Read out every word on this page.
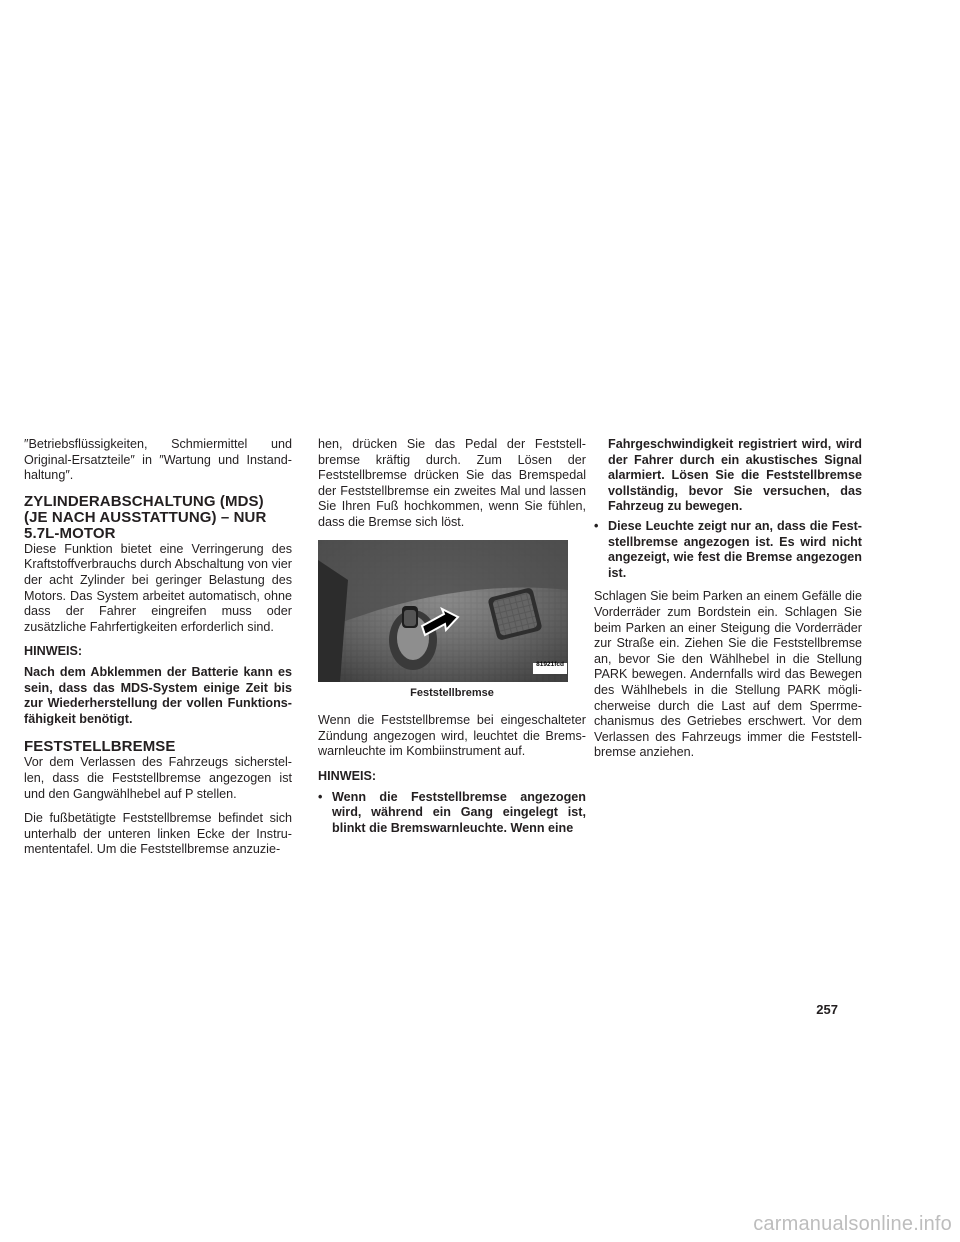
″Betriebsflüssigkeiten, Schmiermittel und Original-Ersatzteile″ in ″Wartung und Instand-haltung″.

ZYLINDERABSCHALTUNG (MDS)
(JE NACH AUSSTATTUNG) – NUR
5.7L-MOTOR

Diese Funktion bietet eine Verringerung des Kraftstoffverbrauchs durch Abschaltung von vier der acht Zylinder bei geringer Belastung des Motors. Das System arbeitet automatisch, ohne dass der Fahrer eingreifen muss oder zusätzliche Fahrfertigkeiten erforderlich sind.

HINWEIS:

Nach dem Abklemmen der Batterie kann es sein, dass das MDS-System einige Zeit bis zur Wiederherstellung der vollen Funktions-fähigkeit benötigt.

FESTSTELLBREMSE

Vor dem Verlassen des Fahrzeugs sicherstel-len, dass die Feststellbremse angezogen ist und den Gangwählhebel auf P stellen.

Die fußbetätigte Feststellbremse befindet sich unterhalb der unteren linken Ecke der Instru-mententafel. Um die Feststellbremse anzuzie-

hen, drücken Sie das Pedal der Feststell-bremse kräftig durch. Zum Lösen der Feststellbremse drücken Sie das Bremspedal der Feststellbremse ein zweites Mal und lassen Sie Ihren Fuß hochkommen, wenn Sie fühlen, dass die Bremse sich löst.

81921fcd
Feststellbremse

Wenn die Feststellbremse bei eingeschalteter Zündung angezogen wird, leuchtet die Brems-warnleuchte im Kombiinstrument auf.

HINWEIS:

• Wenn die Feststellbremse angezogen wird, während ein Gang eingelegt ist, blinkt die Bremswarnleuchte. Wenn eine

Fahrgeschwindigkeit registriert wird, wird der Fahrer durch ein akustisches Signal alarmiert. Lösen Sie die Feststellbremse vollständig, bevor Sie versuchen, das Fahrzeug zu bewegen.

• Diese Leuchte zeigt nur an, dass die Fest-stellbremse angezogen ist. Es wird nicht angezeigt, wie fest die Bremse angezogen ist.

Schlagen Sie beim Parken an einem Gefälle die Vorderräder zum Bordstein ein. Schlagen Sie beim Parken an einer Steigung die Vorderräder zur Straße ein. Ziehen Sie die Feststellbremse an, bevor Sie den Wählhebel in die Stellung PARK bewegen. Andernfalls wird das Bewegen des Wählhebels in die Stellung PARK mögli-cherweise durch die Last auf dem Sperrme-chanismus des Getriebes erschwert. Vor dem Verlassen des Fahrzeugs immer die Feststell-bremse anziehen.

257
carmanualsonline.info
